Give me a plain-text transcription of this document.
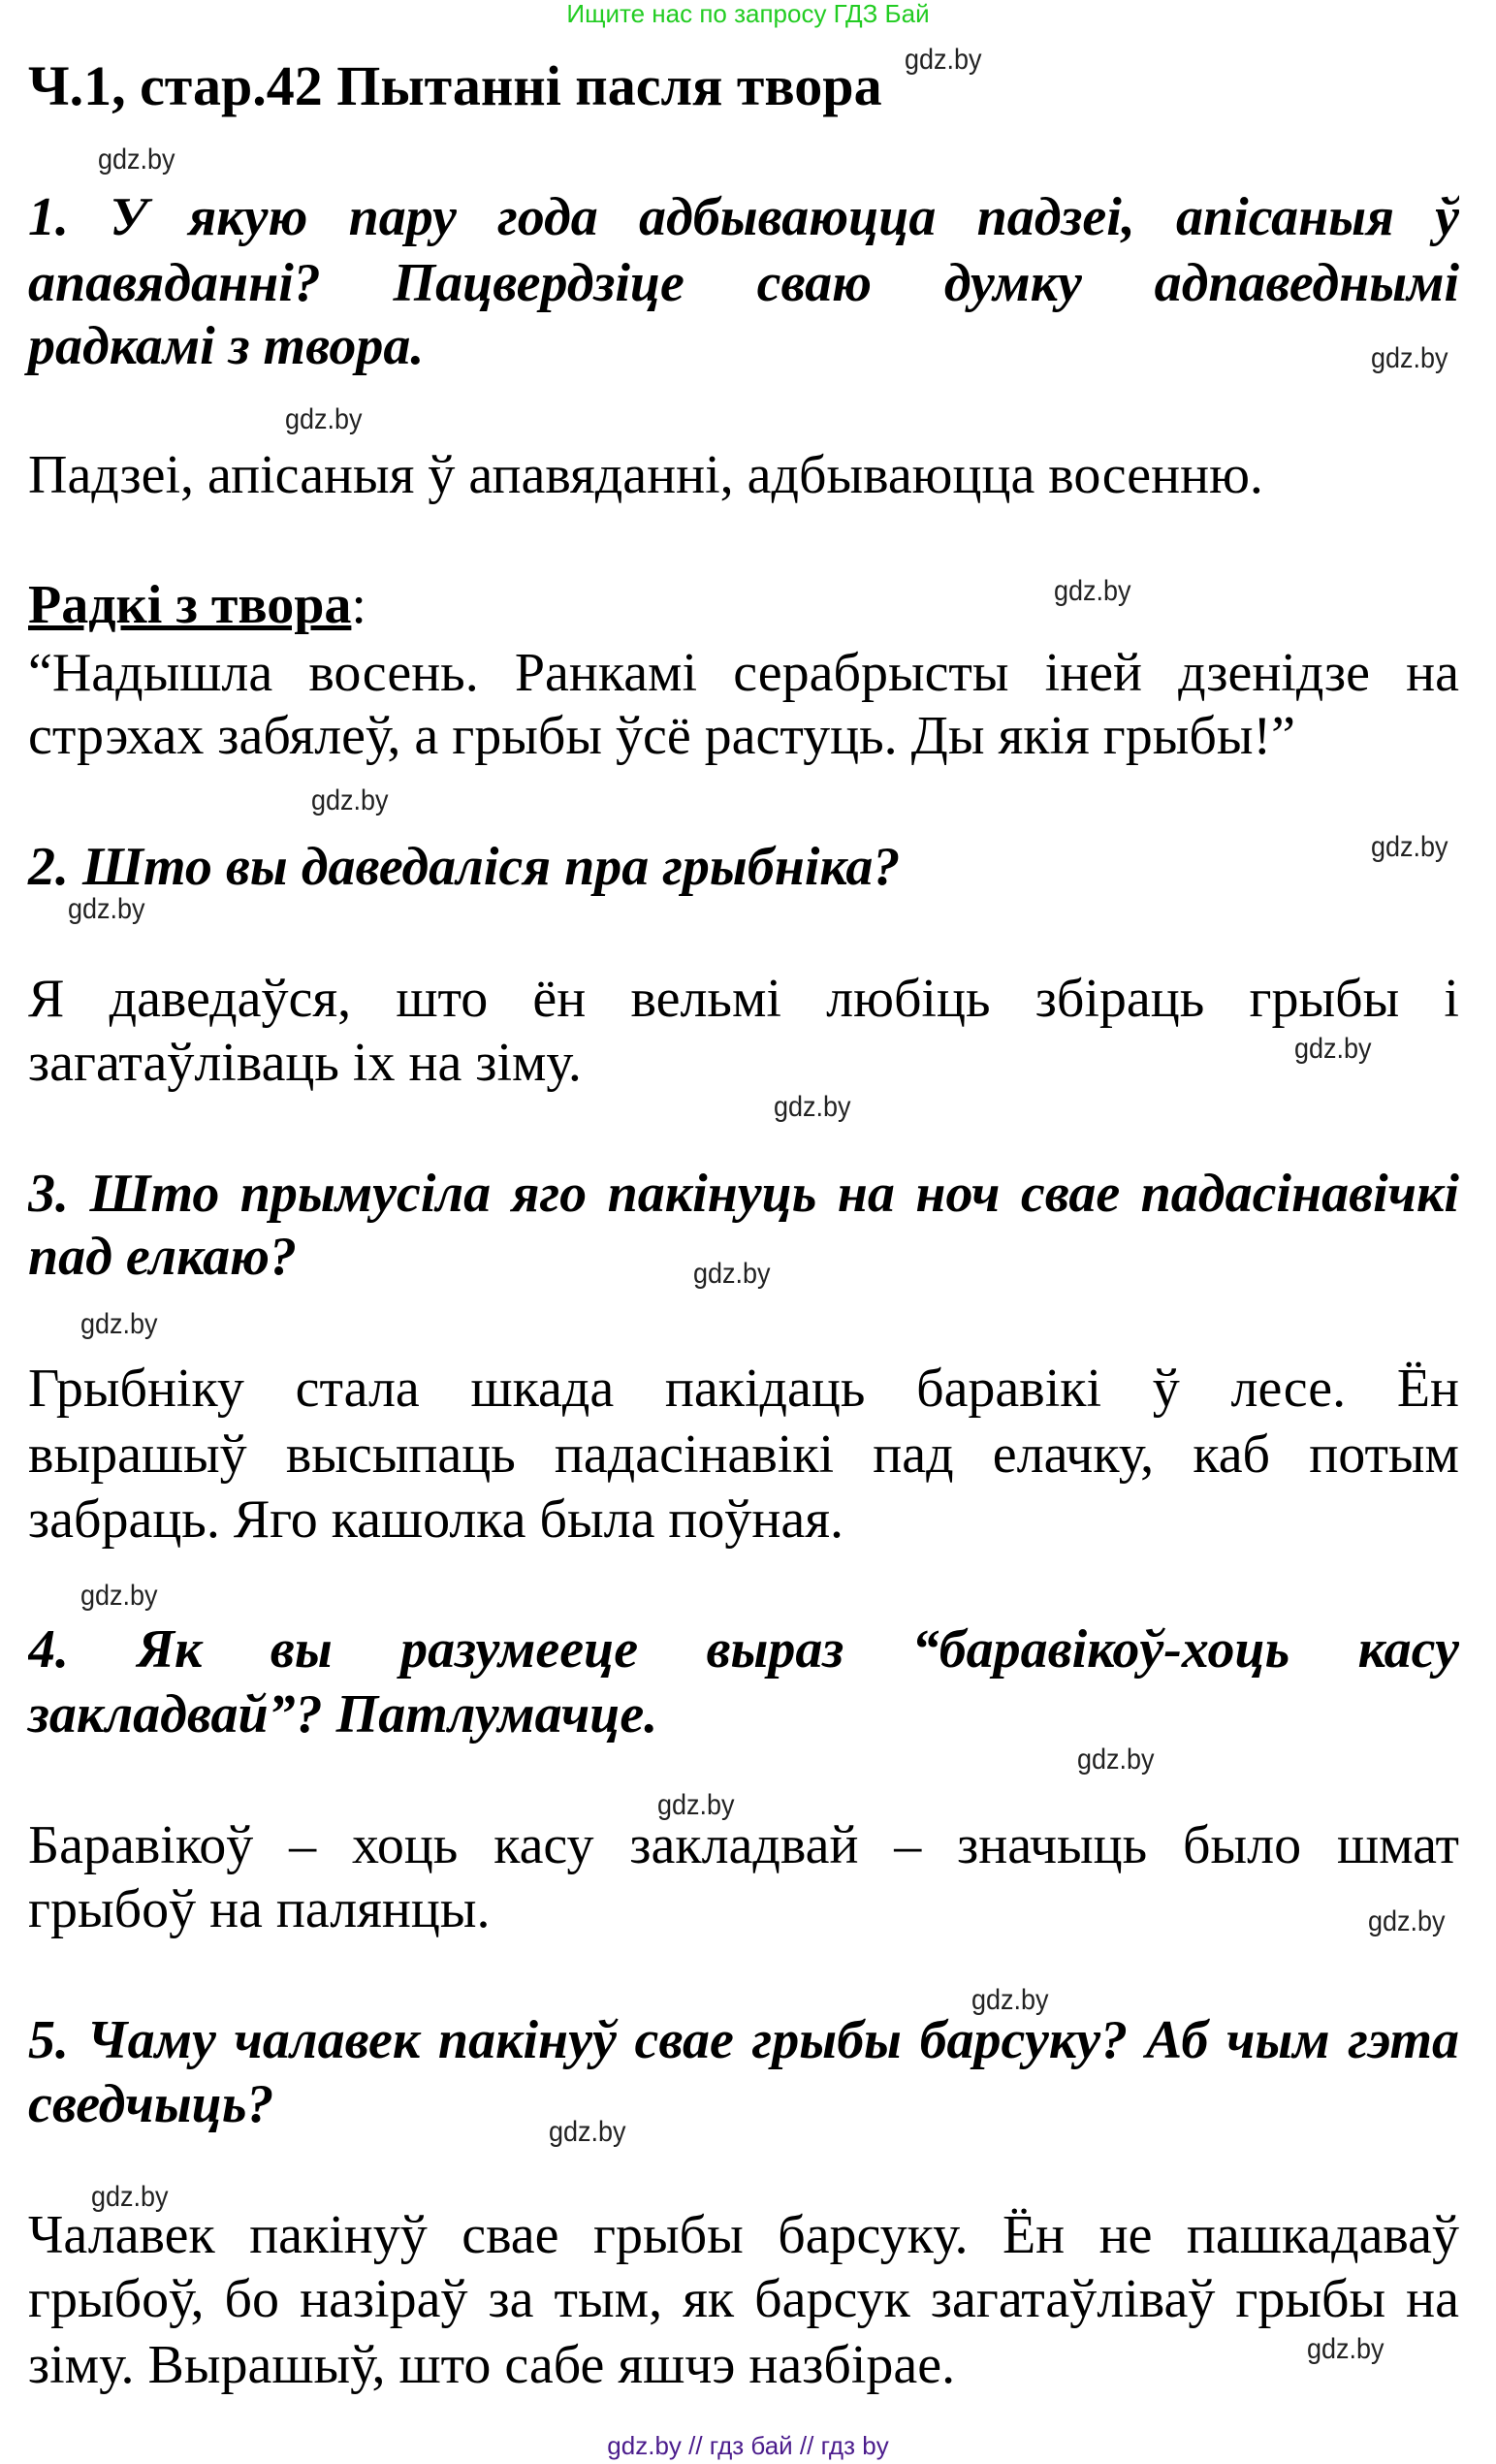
Ищите нас по запросу ГДЗ Бай
Ч.1, стар.42 Пытанні пасля твора
1. У якую пару года адбываюцца падзеі, апісаныя ў
апавяданні? Пацвердзіце сваю думку адпаведнымі
радкамі з твора.
Падзеі, апісаныя ў апавяданні, адбываюцца восенню.
Радкі з твора:
“Надышла восень. Ранкамі серабрысты іней дзенідзе на
стрэхах забялеў, а грыбы ўсё растуць. Ды якія грыбы!”
2. Што вы даведаліся пра грыбніка?
Я даведаўся, што ён вельмі любіць збіраць грыбы і
загатаўліваць іх на зіму.
3. Што прымусіла яго пакінуць на ноч свае падасінавічкі
пад елкаю?
Грыбніку стала шкада пакідаць баравікі ў лесе. Ён
вырашыў высыпаць падасінавікі пад елачку, каб потым
забраць. Яго кашолка была поўная.
4. Як вы разумееце выраз “баравікоў-хоць касу
закладвай”? Патлумачце.
Баравікоў – хоць касу закладвай – значыць было шмат
грыбоў на палянцы.
5. Чаму чалавек пакінуў свае грыбы барсуку? Аб чым гэта
сведчыць?
Чалавек пакінуў свае грыбы барсуку. Ён не пашкадаваў
грыбоў, бо назіраў за тым, як барсук загатаўліваў грыбы на
зіму. Вырашыў, што сабе яшчэ назбірае.
gdz.by
gdz.by
gdz.by
gdz.by
gdz.by
gdz.by
gdz.by
gdz.by
gdz.by
gdz.by
gdz.by
gdz.by
gdz.by
gdz.by
gdz.by
gdz.by
gdz.by
gdz.by
gdz.by
gdz.by
gdz.by // гдз бай // гдз by
